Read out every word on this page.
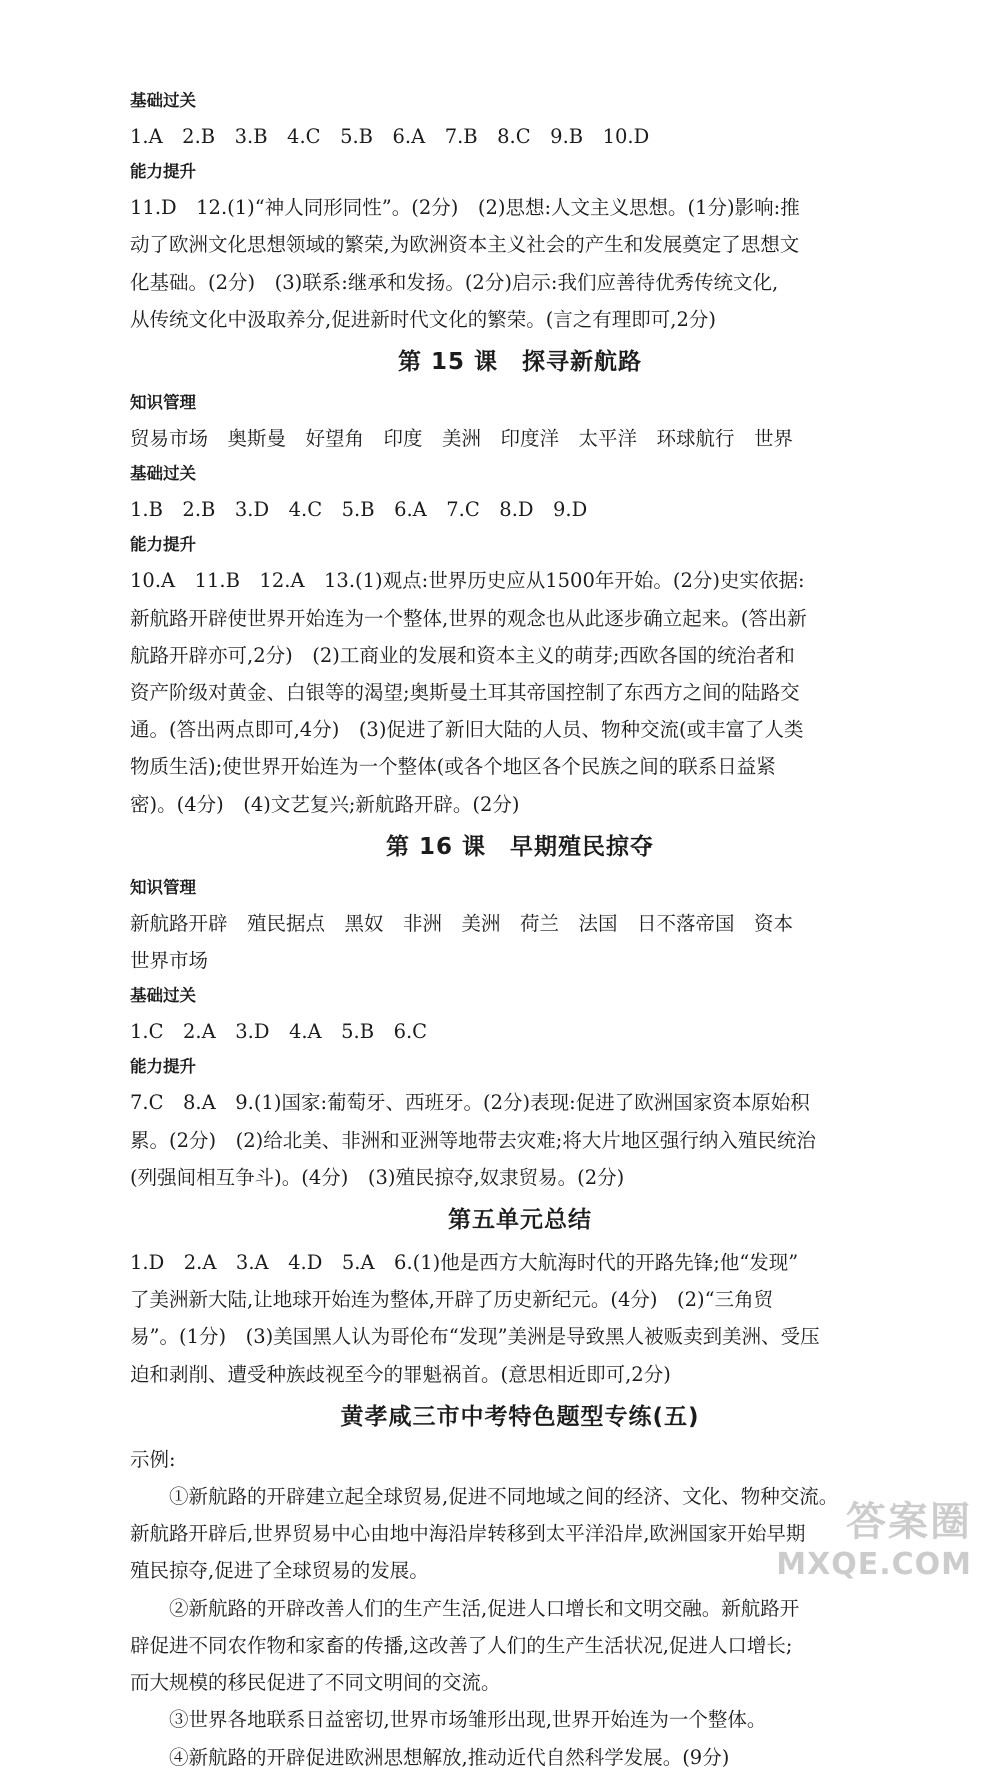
基础过关
1.A　2.B　3.B　4.C　5.B　6.A　7.B　8.C　9.B　10.D
能力提升
11.D　12.(1)“神人同形同性”。(2分)　(2)思想:人文主义思想。(1分)影响:推
动了欧洲文化思想领域的繁荣,为欧洲资本主义社会的产生和发展奠定了思想文
化基础。(2分)　(3)联系:继承和发扬。(2分)启示:我们应善待优秀传统文化,
从传统文化中汲取养分,促进新时代文化的繁荣。(言之有理即可,2分)
第 15 课　探寻新航路
知识管理
贸易市场　奥斯曼　好望角　印度　美洲　印度洋　太平洋　环球航行　世界
基础过关
1.B　2.B　3.D　4.C　5.B　6.A　7.C　8.D　9.D
能力提升
10.A　11.B　12.A　13.(1)观点:世界历史应从1500年开始。(2分)史实依据:
新航路开辟使世界开始连为一个整体,世界的观念也从此逐步确立起来。(答出新
航路开辟亦可,2分)　(2)工商业的发展和资本主义的萌芽;西欧各国的统治者和
资产阶级对黄金、白银等的渴望;奥斯曼土耳其帝国控制了东西方之间的陆路交
通。(答出两点即可,4分)　(3)促进了新旧大陆的人员、物种交流(或丰富了人类
物质生活);使世界开始连为一个整体(或各个地区各个民族之间的联系日益紧
密)。(4分)　(4)文艺复兴;新航路开辟。(2分)
第 16 课　早期殖民掠夺
知识管理
新航路开辟　殖民据点　黑奴　非洲　美洲　荷兰　法国　日不落帝国　资本
世界市场
基础过关
1.C　2.A　3.D　4.A　5.B　6.C
能力提升
7.C　8.A　9.(1)国家:葡萄牙、西班牙。(2分)表现:促进了欧洲国家资本原始积
累。(2分)　(2)给北美、非洲和亚洲等地带去灾难;将大片地区强行纳入殖民统治
(列强间相互争斗)。(4分)　(3)殖民掠夺,奴隶贸易。(2分)
第五单元总结
1.D　2.A　3.A　4.D　5.A　6.(1)他是西方大航海时代的开路先锋;他“发现”
了美洲新大陆,让地球开始连为整体,开辟了历史新纪元。(4分)　(2)“三角贸
易”。(1分)　(3)美国黑人认为哥伦布“发现”美洲是导致黑人被贩卖到美洲、受压
迫和剥削、遭受种族歧视至今的罪魁祸首。(意思相近即可,2分)
黄孝咸三市中考特色题型专练(五)
示例:
①新航路的开辟建立起全球贸易,促进不同地域之间的经济、文化、物种交流。
新航路开辟后,世界贸易中心由地中海沿岸转移到太平洋沿岸,欧洲国家开始早期
殖民掠夺,促进了全球贸易的发展。
②新航路的开辟改善人们的生产生活,促进人口增长和文明交融。新航路开
辟促进不同农作物和家畜的传播,这改善了人们的生产生活状况,促进人口增长;
而大规模的移民促进了不同文明间的交流。
③世界各地联系日益密切,世界市场雏形出现,世界开始连为一个整体。
④新航路的开辟促进欧洲思想解放,推动近代自然科学发展。(9分)
答案圈
MXQE.COM
